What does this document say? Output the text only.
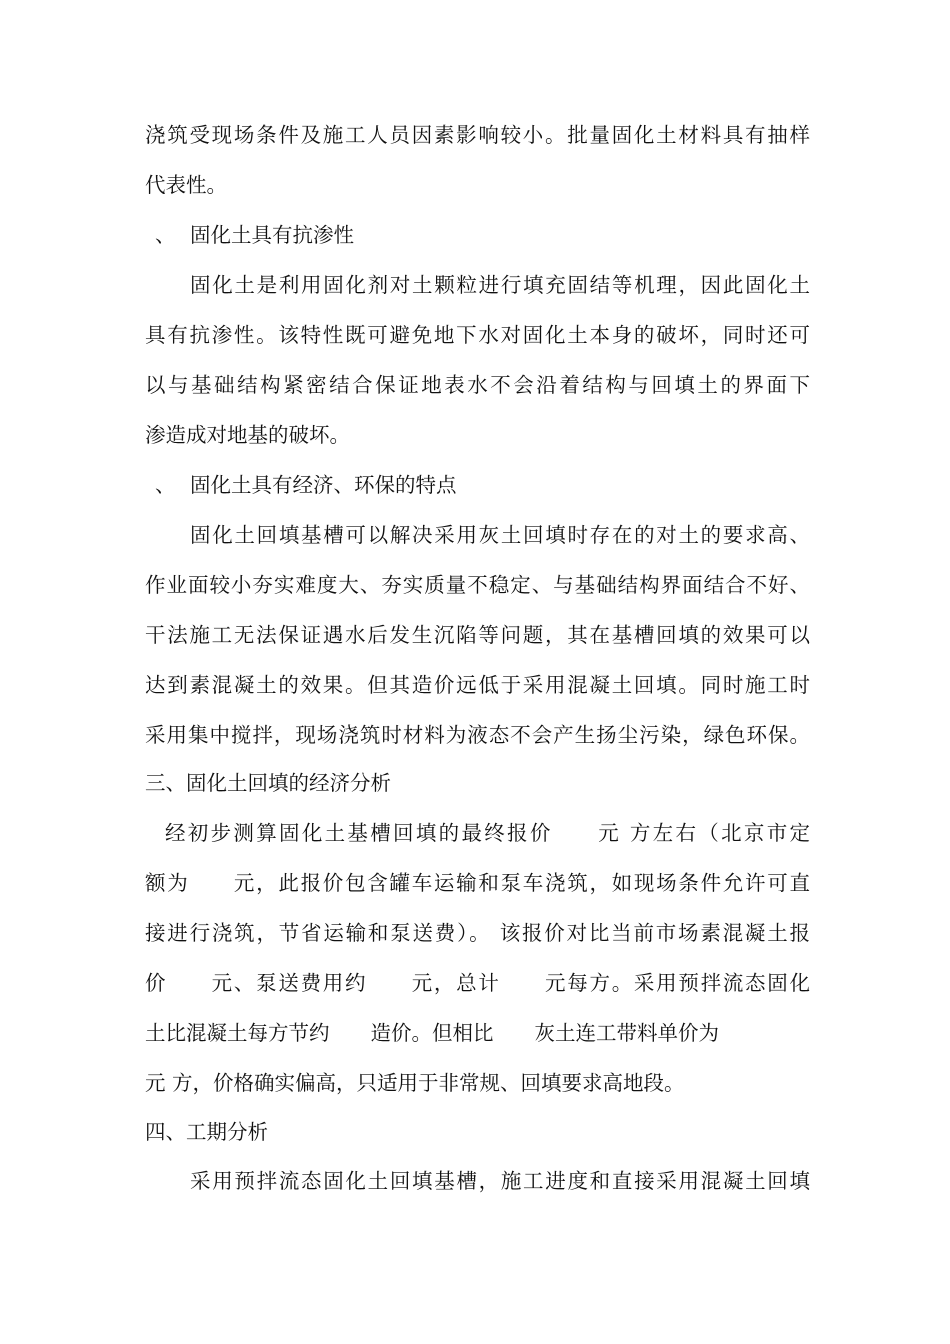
浇筑受现场条件及施工人员因素影响较小。批量固化土材料具有抽样
代表性。
、 固化土具有抗渗性
固化土是利用固化剂对土颗粒进行填充固结等机理，因此固化土
具有抗渗性。该特性既可避免地下水对固化土本身的破坏，同时还可
以与基础结构紧密结合保证地表水不会沿着结构与回填土的界面下
渗造成对地基的破坏。
、 固化土具有经济、环保的特点
固化土回填基槽可以解决采用灰土回填时存在的对土的要求高、
作业面较小夯实难度大、夯实质量不稳定、与基础结构界面结合不好、
干法施工无法保证遇水后发生沉陷等问题，其在基槽回填的效果可以
达到素混凝土的效果。但其造价远低于采用混凝土回填。同时施工时
采用集中搅拌，现场浇筑时材料为液态不会产生扬尘污染，绿色环保。
三、固化土回填的经济分析
经初步测算固化土基槽回填的最终报价　　元 方左右（北京市定
额为　　元，此报价包含罐车运输和泵车浇筑，如现场条件允许可直
接进行浇筑，节省运输和泵送费）。 该报价对比当前市场素混凝土报
价　　元、泵送费用约　　元，总计　　元每方。采用预拌流态固化
土比混凝土每方节约　　造价。但相比　　灰土连工带料单价为
元 方，价格确实偏高，只适用于非常规、回填要求高地段。
四、工期分析
采用预拌流态固化土回填基槽，施工进度和直接采用混凝土回填
